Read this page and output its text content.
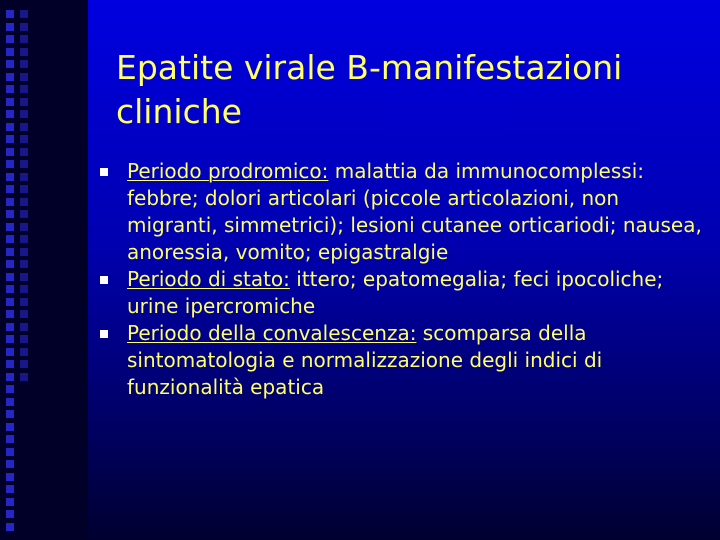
Epatite virale B-manifestazioni cliniche
Periodo prodromico: malattia da immunocomplessi: febbre; dolori articolari (piccole articolazioni, non migranti, simmetrici); lesioni cutanee orticariodi; nausea, anoressia, vomito; epigastralgie
Periodo di stato: ittero; epatomegalia; feci ipocoliche; urine ipercromiche
Periodo della convalescenza: scomparsa della sintomatologia e normalizzazione degli indici di funzionalità epatica
